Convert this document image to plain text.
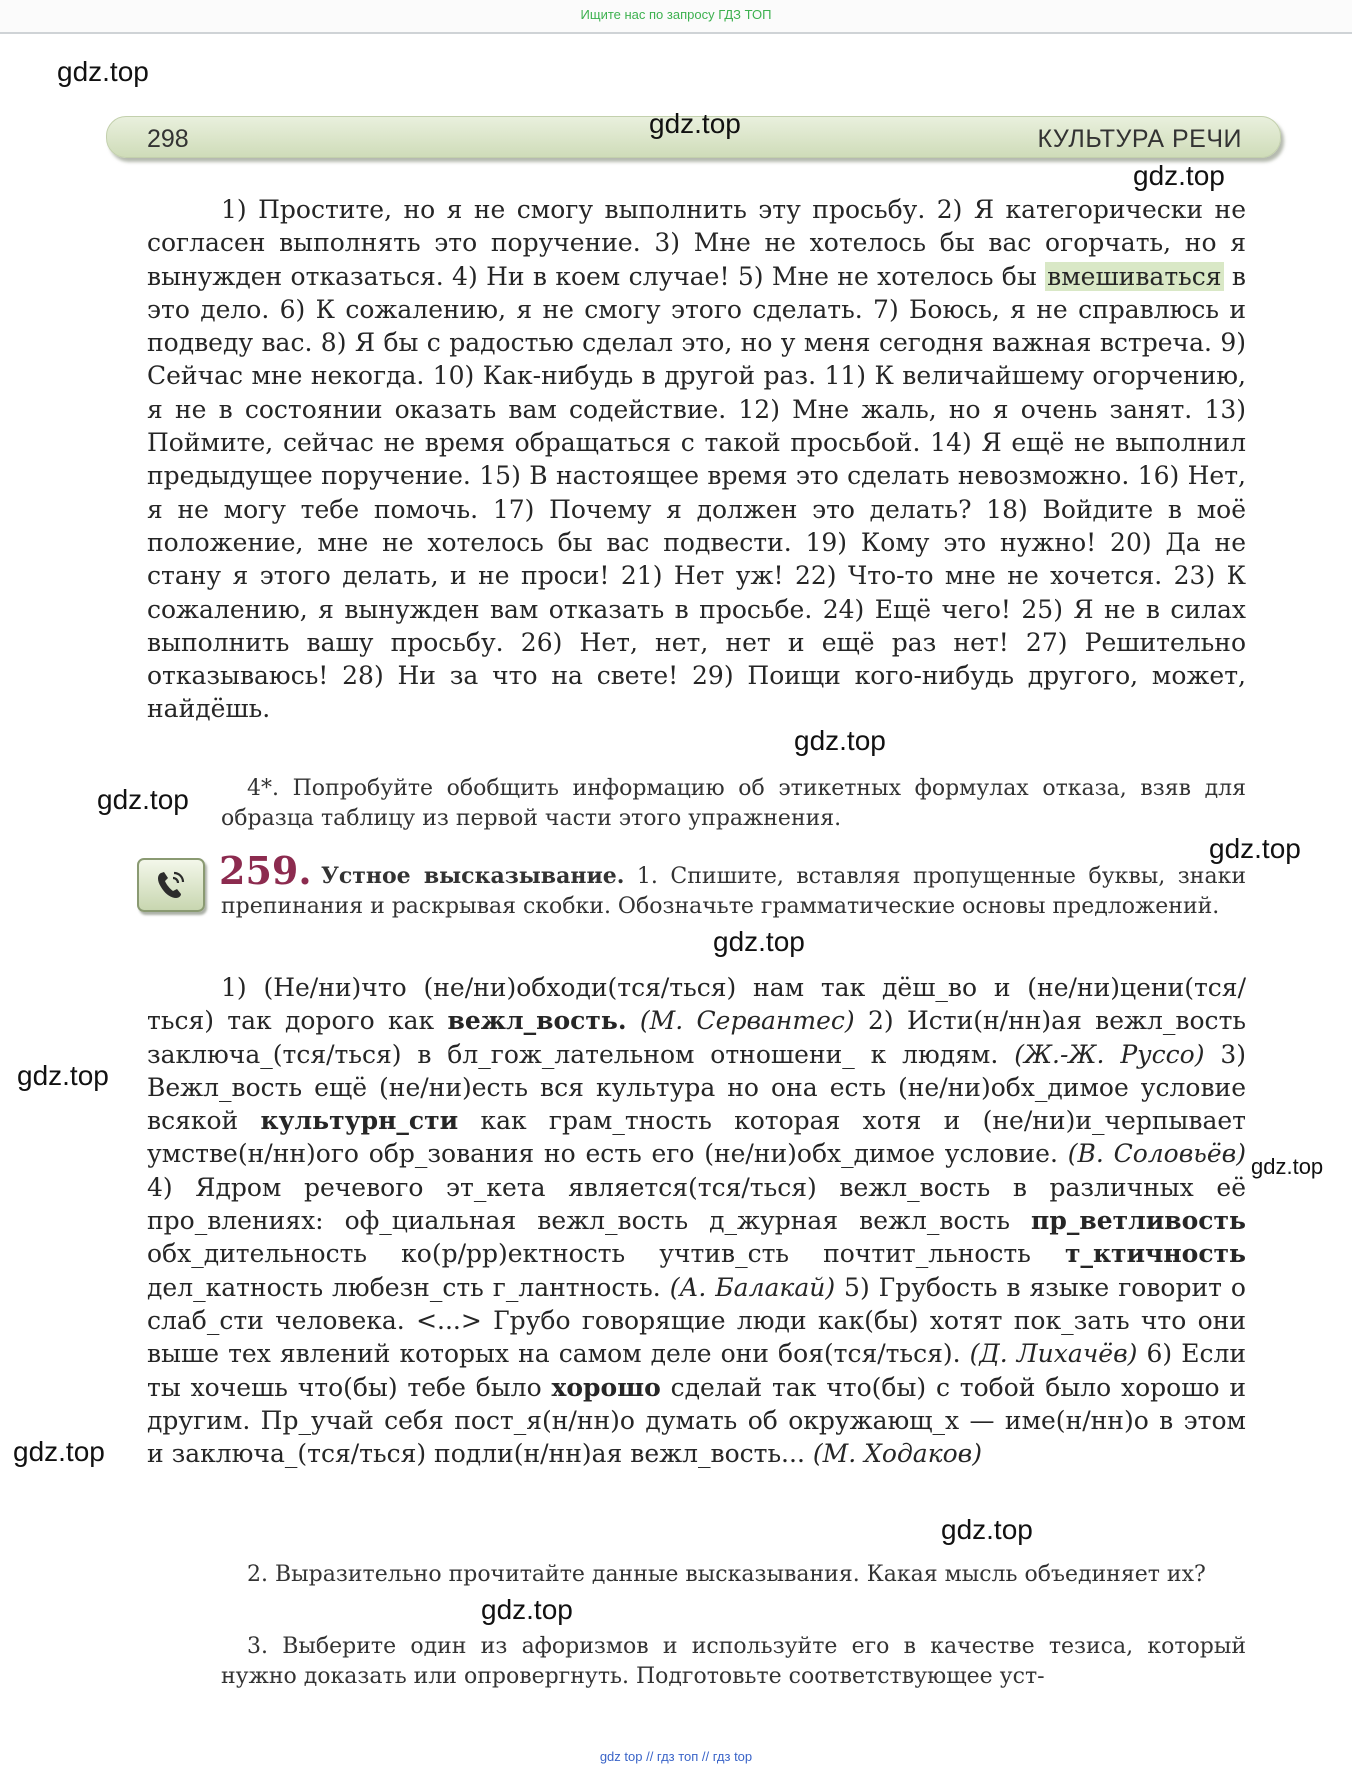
Ищите нас по запросу ГДЗ ТОП
298	КУЛЬТУРА РЕЧИ

1) Простите, но я не смогу выполнить эту просьбу. 2) Я категорически не согласен выполнять это поручение. 3) Мне не хотелось бы вас огорчать, но я вынужден отказаться. 4) Ни в коем случае! 5) Мне не хотелось бы вмешиваться в это дело. 6) К сожалению, я не смогу этого сделать. 7) Боюсь, я не справлюсь и подведу вас. 8) Я бы с радостью сделал это, но у меня сегодня важная встреча. 9) Сейчас мне некогда. 10) Как-нибудь в другой раз. 11) К величайшему огорчению, я не в состоянии оказать вам содействие. 12) Мне жаль, но я очень занят. 13) Поймите, сейчас не время обращаться с такой просьбой. 14) Я ещё не выполнил предыдущее поручение. 15) В настоящее время это сделать невозможно. 16) Нет, я не могу тебе помочь. 17) Почему я должен это делать? 18) Войдите в моё положение, мне не хотелось бы вас подвести. 19) Кому это нужно! 20) Да не стану я этого делать, и не проси! 21) Нет уж! 22) Что-то мне не хочется. 23) К сожалению, я вынужден вам отказать в просьбе. 24) Ещё чего! 25) Я не в силах выполнить вашу просьбу. 26) Нет, нет, нет и ещё раз нет! 27) Решительно отказываюсь! 28) Ни за что на свете! 29) Поищи кого-нибудь другого, может, найдёшь.

4*. Попробуйте обобщить информацию об этикетных формулах отказа, взяв для образца таблицу из первой части этого упражнения.

259. Устное высказывание. 1. Спишите, вставляя пропущенные буквы, знаки препинания и раскрывая скобки. Обозначьте грамматические основы предложений.

1) (Не/ни)что (не/ни)обходи(тся/ться) нам так дёш_во и (не/ни)цени(тся/ться) так дорого как вежл_вость. (М. Сервантес) 2) Исти(н/нн)ая вежл_вость заключа_(тся/ться) в бл_гож_лательном отношени_ к людям. (Ж.-Ж. Руссо) 3) Вежл_вость ещё (не/ни)есть вся культура но она есть (не/ни)обх_димое условие всякой культурн_сти как грам_тность которая хотя и (не/ни)и_черпывает умстве(н/нн)ого обр_зования но есть его (не/ни)обх_димое условие. (В. Соловьёв) 4) Ядром речевого эт_кета является(тся/ться) вежл_вость в различных её про_влениях: оф_циальная вежл_вость д_журная вежл_вость пр_ветливость обх_дительность ко(р/рр)ектность учтив_сть почтит_льность т_ктичность дел_катность любезн_сть г_лантность. (А. Балакай) 5) Грубость в языке говорит о слаб_сти человека. <...> Грубо говорящие люди как(бы) хотят пок_зать что они выше тех явлений которых на самом деле они боя(тся/ться). (Д. Лихачёв) 6) Если ты хочешь что(бы) тебе было хорошо сделай так что(бы) с тобой было хорошо и другим. Пр_учай себя пост_я(н/нн)о думать об окружающ_х — име(н/нн)о в этом и заключа_(тся/ться) подли(н/нн)ая вежл_вость... (М. Ходаков)

2. Выразительно прочитайте данные высказывания. Какая мысль объединяет их?

3. Выберите один из афоризмов и используйте его в качестве тезиса, который нужно доказать или опровергнуть. Подготовьте соответствующее уст-

gdz.top
gdz.top
gdz.top
gdz.top
gdz.top
gdz.top
gdz.top
gdz.top
gdz.top
gdz.top
gdz.top
gdz.top
gdz top // гдз топ // гдз top
